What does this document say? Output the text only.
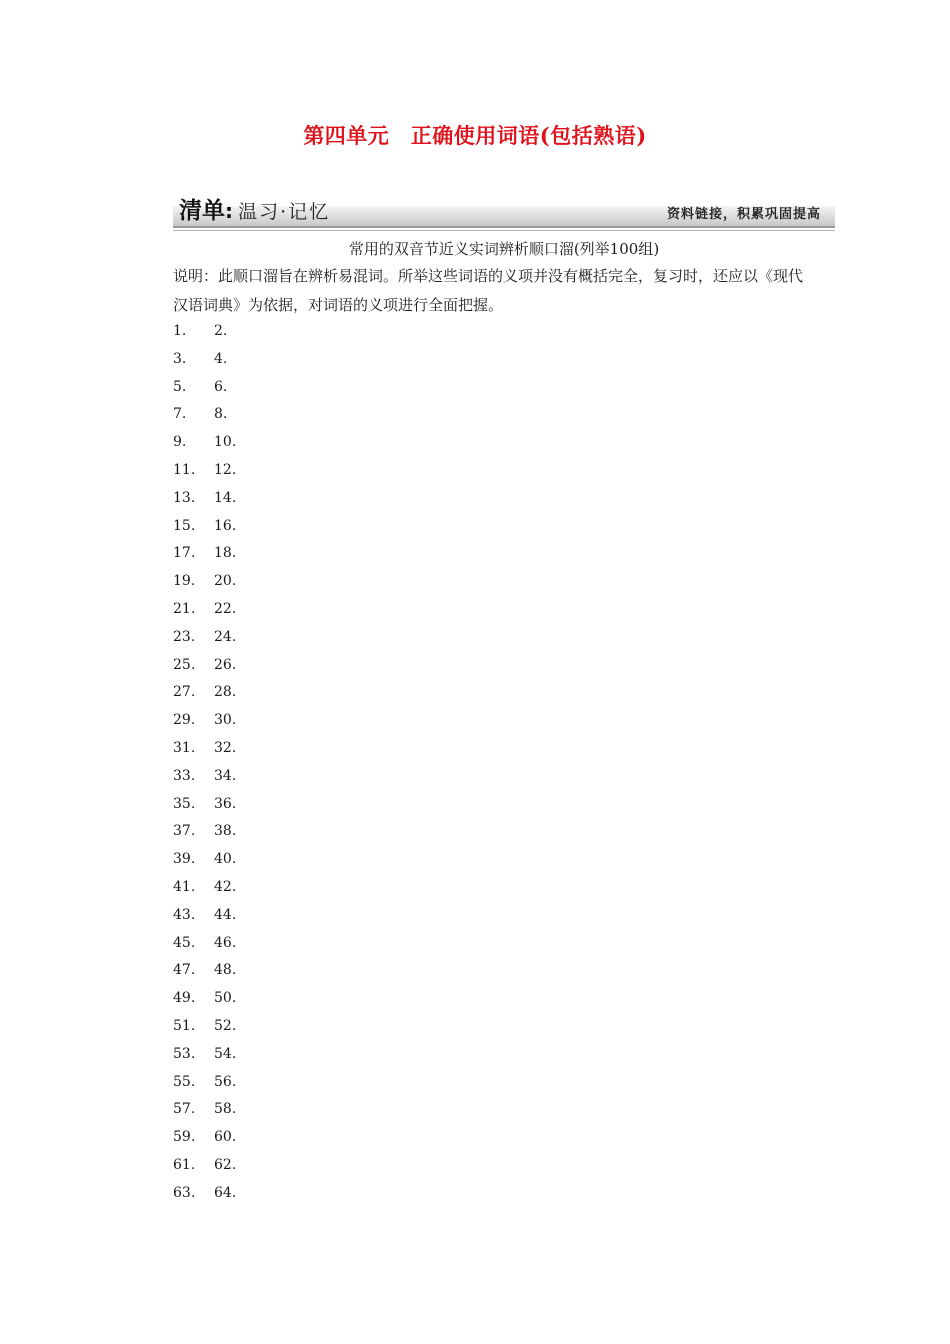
第四单元　正确使用词语(包括熟语)
清单: 温习·记忆	资料链接，积累巩固提高
常用的双音节近义实词辨析顺口溜(列举100组)

说明：此顺口溜旨在辨析易混词。所举这些词语的义项并没有概括完全，复习时，还应以《现代汉语词典》为依据，对词语的义项进行全面把握。

1. 2.
3. 4.
5. 6.
7. 8.
9. 10.
11. 12.
13. 14.
15. 16.
17. 18.
19. 20.
21. 22.
23. 24.
25. 26.
27. 28.
29. 30.
31. 32.
33. 34.
35. 36.
37. 38.
39. 40.
41. 42.
43. 44.
45. 46.
47. 48.
49. 50.
51. 52.
53. 54.
55. 56.
57. 58.
59. 60.
61. 62.
63. 64.
